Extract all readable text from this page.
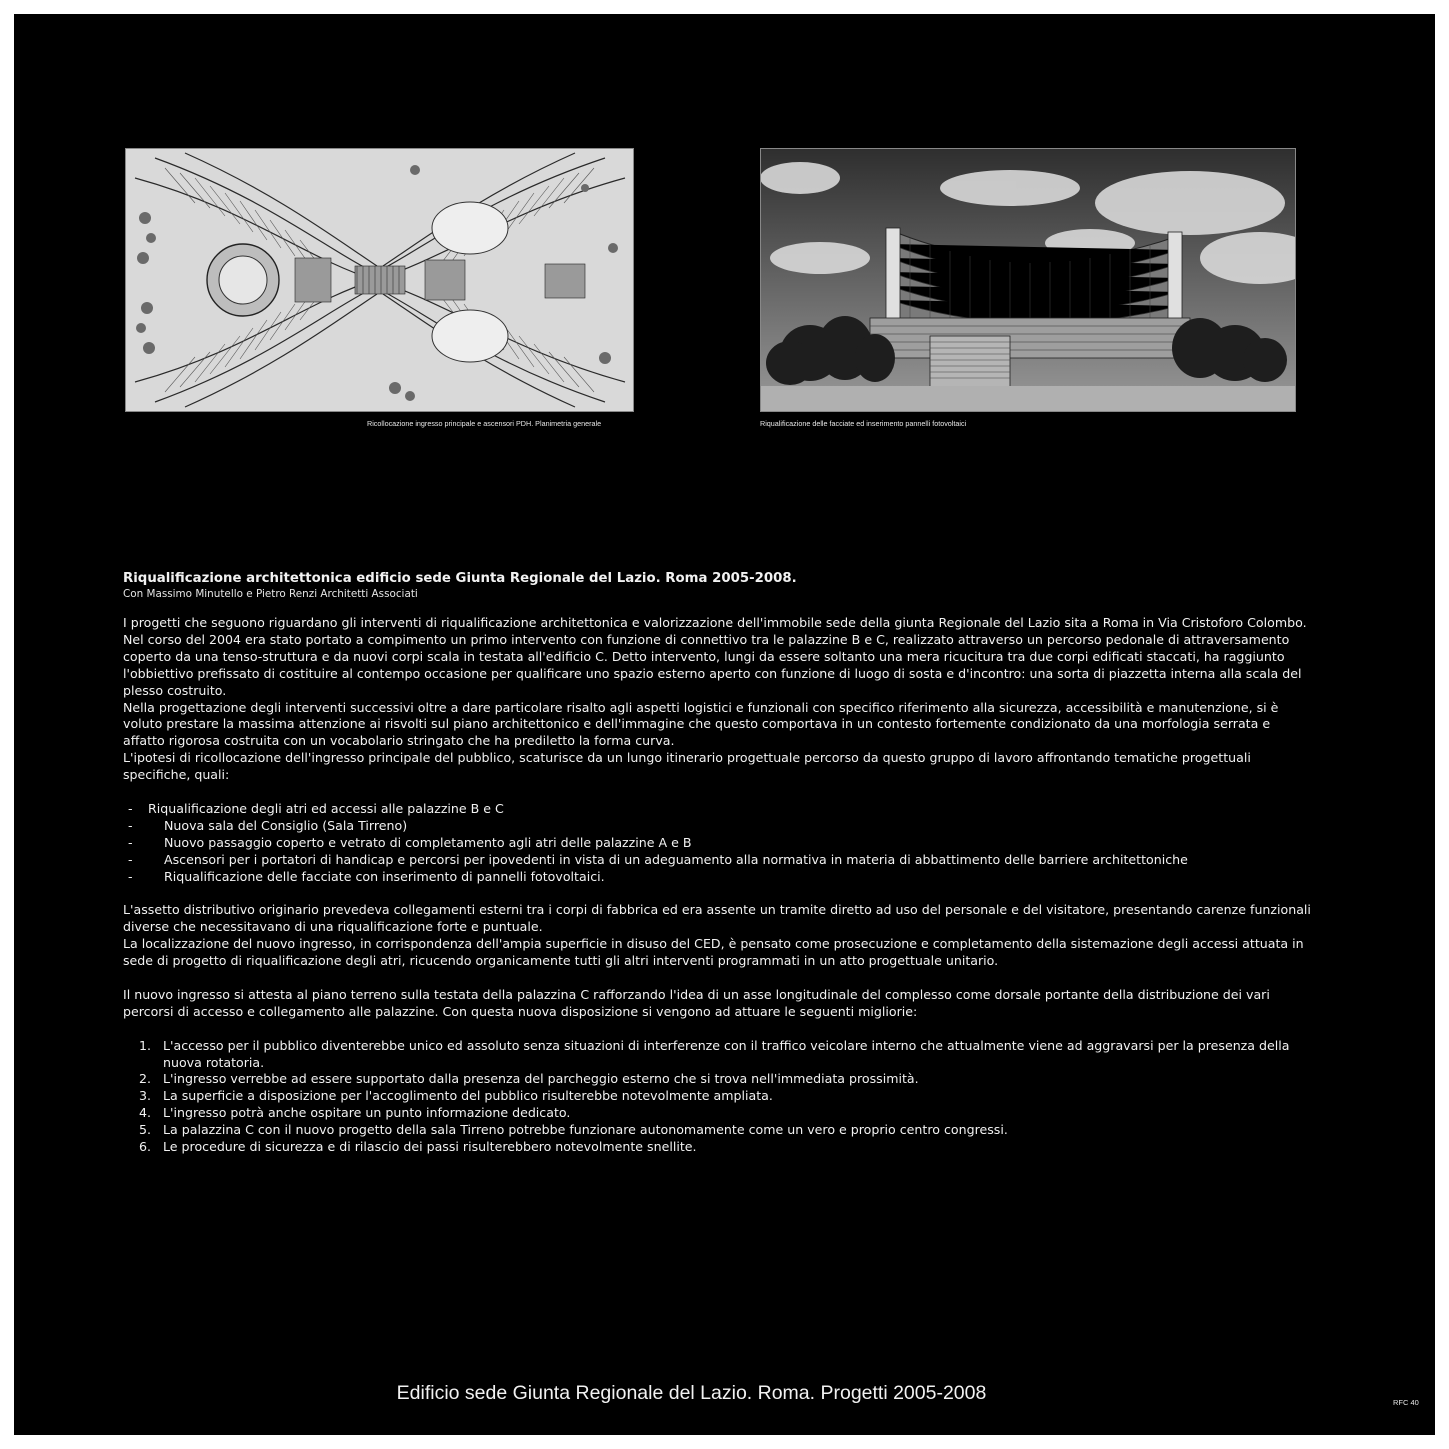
Ricollocazione ingresso principale e ascensori PDH. Planimetria generale	Riqualificazione delle facciate ed inserimento pannelli fotovoltaici
Riqualificazione architettonica edificio sede Giunta Regionale del Lazio. Roma 2005-2008.

Con Massimo Minutello e Pietro Renzi Architetti Associati

I progetti che seguono riguardano gli interventi di riqualificazione architettonica e valorizzazione dell'immobile sede della giunta Regionale del Lazio sita a Roma in Via Cristoforo Colombo.

Nel corso del 2004 era stato portato a compimento un primo intervento con funzione di connettivo tra le palazzine B e C, realizzato attraverso un percorso pedonale di attraversamento coperto da una tenso-struttura e da nuovi corpi scala in testata all'edificio C. Detto intervento, lungi da essere soltanto una mera ricucitura tra due corpi edificati staccati, ha raggiunto l'obbiettivo prefissato di costituire al contempo occasione per qualificare uno spazio esterno aperto con funzione di luogo di sosta e d'incontro: una sorta di piazzetta interna alla scala del plesso costruito.

Nella progettazione degli interventi successivi oltre a dare particolare risalto agli aspetti logistici e funzionali con specifico riferimento alla sicurezza, accessibilità e manutenzione, si è voluto prestare la massima attenzione ai risvolti sul piano architettonico e dell'immagine che questo comportava in un contesto fortemente condizionato da una morfologia serrata e affatto rigorosa costruita con un vocabolario stringato che ha prediletto la forma curva.

L'ipotesi di ricollocazione dell'ingresso principale del pubblico, scaturisce da un lungo itinerario progettuale percorso da questo gruppo di lavoro affrontando tematiche progettuali specifiche, quali:

- Riqualificazione degli atri ed accessi alle palazzine B e C
- Nuova sala del Consiglio (Sala Tirreno)
- Nuovo passaggio coperto e vetrato di completamento agli atri delle palazzine A e B
- Ascensori per i portatori di handicap e percorsi per ipovedenti in vista di un adeguamento alla normativa in materia di abbattimento delle barriere architettoniche
- Riqualificazione delle facciate con inserimento di pannelli fotovoltaici.

L'assetto distributivo originario prevedeva collegamenti esterni tra i corpi di fabbrica ed era assente un tramite diretto ad uso del personale e del visitatore, presentando carenze funzionali diverse che necessitavano di una riqualificazione forte e puntuale.

La localizzazione del nuovo ingresso, in corrispondenza dell'ampia superficie in disuso del CED, è pensato come prosecuzione e completamento della sistemazione degli accessi attuata in sede di progetto di riqualificazione degli atri, ricucendo organicamente tutti gli altri interventi programmati in un atto progettuale unitario.

Il nuovo ingresso si attesta al piano terreno sulla testata della palazzina C rafforzando l'idea di un asse longitudinale del complesso come dorsale portante della distribuzione dei vari percorsi di accesso e collegamento alle palazzine. Con questa nuova disposizione si vengono ad attuare le seguenti migliorie:

1. L'accesso per il pubblico diventerebbe unico ed assoluto senza situazioni di interferenze con il traffico veicolare interno che attualmente viene ad aggravarsi per la presenza della nuova rotatoria.
2. L'ingresso verrebbe ad essere supportato dalla presenza del parcheggio esterno che si trova nell'immediata prossimità.
3. La superficie a disposizione per l'accoglimento del pubblico risulterebbe notevolmente ampliata.
4. L'ingresso potrà anche ospitare un punto informazione dedicato.
5. La palazzina C con il nuovo progetto della sala Tirreno potrebbe funzionare autonomamente come un vero e proprio centro congressi.
6. Le procedure di sicurezza e di rilascio dei passi risulterebbero notevolmente snellite.
Edificio sede Giunta Regionale del Lazio. Roma. Progetti 2005-2008	RFC 40
